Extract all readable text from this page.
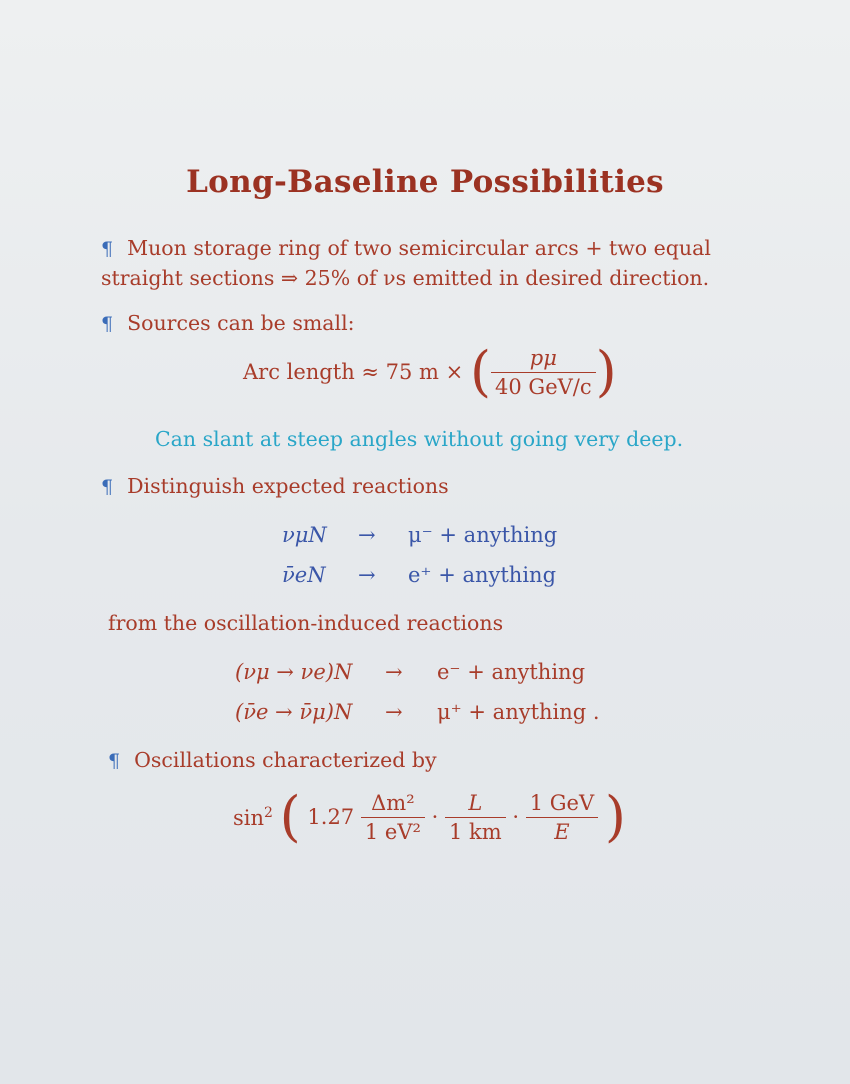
Long-Baseline Possibilities
¶ Muon storage ring of two semicircular arcs + two equal
straight sections ⇒ 25% of νs emitted in desired direction.
¶ Sources can be small:
Arc length ≈ 75 m × ( $\frac{p\mu}{\text{40 GeV/c}}$ )
Can slant at steep angles without going very deep.
¶ Distinguish expected reactions
νμN → μ⁻ + anything
ν̄eN → e⁺ + anything
from the oscillation-induced reactions
(νμ → νe)N → e⁻ + anything
(ν̄e → ν̄μ)N → μ⁺ + anything .
¶ Oscillations characterized by
$\sin^2$ ( $1.27 \frac{\text{Δm²}}{\text{1 eV²}} \cdot \frac{L}{1 km} \cdot \frac{\text{1 GeV}}{E}$ )
